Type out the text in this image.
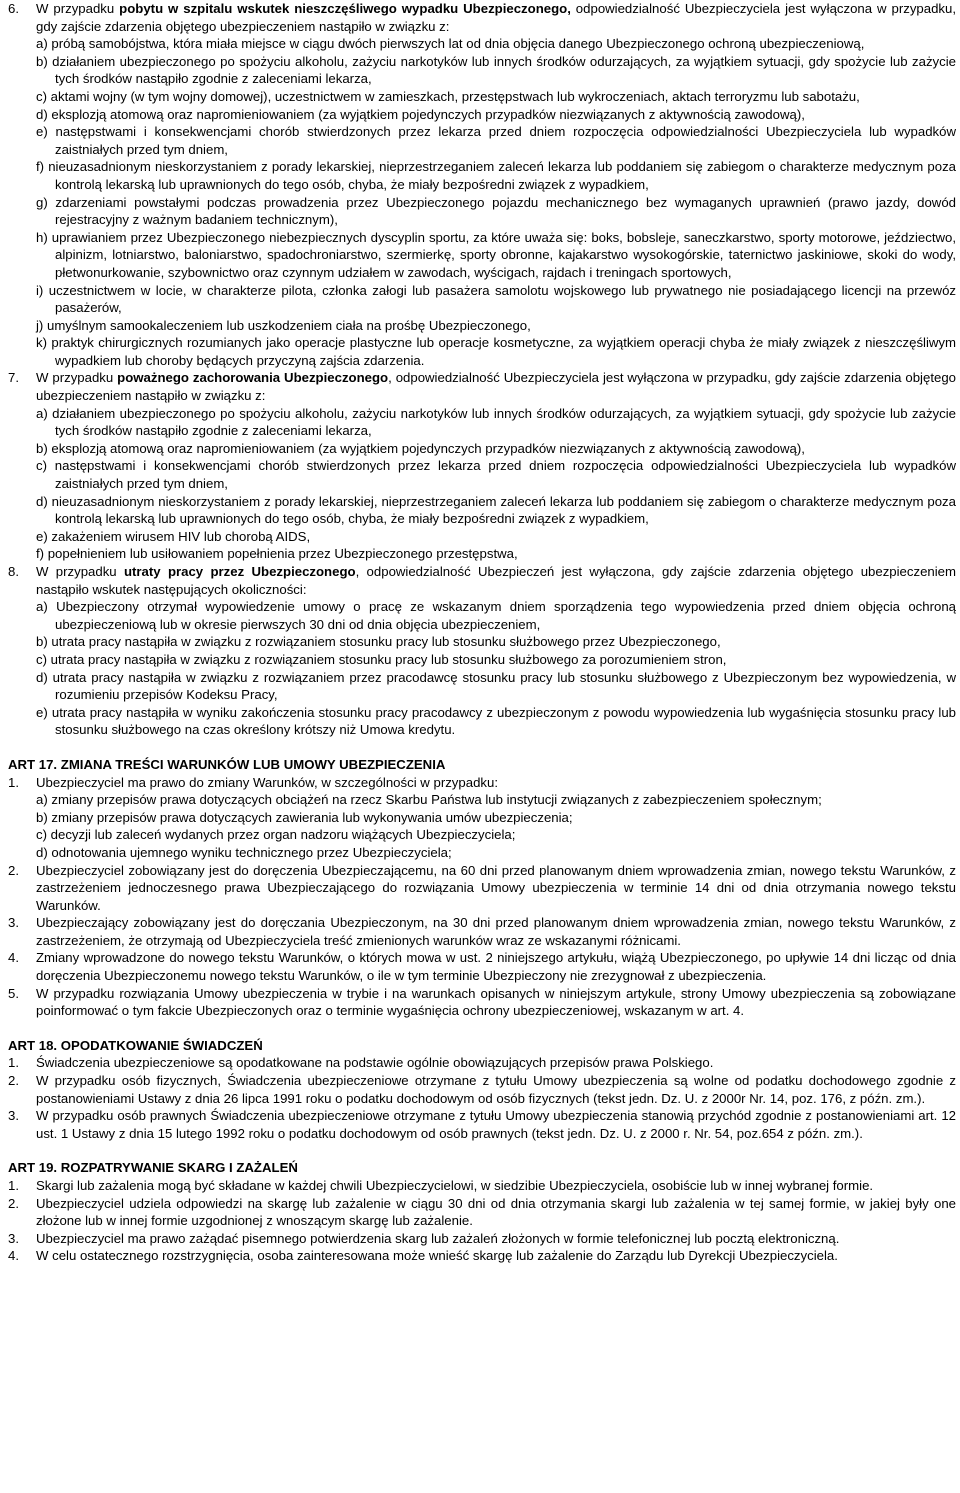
6. W przypadku pobytu w szpitalu wskutek nieszczęśliwego wypadku Ubezpieczonego, odpowiedzialność Ubezpieczyciela jest wyłączona w przypadku, gdy zajście zdarzenia objętego ubezpieczeniem nastąpiło w związku z:
a) próbą samobójstwa, która miała miejsce w ciągu dwóch pierwszych lat od dnia objęcia danego Ubezpieczonego ochroną ubezpieczeniową,
b) działaniem ubezpieczonego po spożyciu alkoholu, zażyciu narkotyków lub innych środków odurzających, za wyjątkiem sytuacji, gdy spożycie lub zażycie tych środków nastąpiło zgodnie z zaleceniami lekarza,
c) aktami wojny (w tym wojny domowej), uczestnictwem w zamieszkach, przestępstwach lub wykroczeniach, aktach terroryzmu lub sabotażu,
d) eksplozją atomową oraz napromieniowaniem (za wyjątkiem pojedynczych przypadków niezwiązanych z aktywnością zawodową),
e) następstwami i konsekwencjami chorób stwierdzonych przez lekarza przed dniem rozpoczęcia odpowiedzialności Ubezpieczyciela lub wypadków zaistniałych przed tym dniem,
f) nieuzasadnionym nieskorzystaniem z porady lekarskiej, nieprzestrzeganiem zaleceń lekarza lub poddaniem się zabiegom o charakterze medycznym poza kontrolą lekarską lub uprawnionych do tego osób, chyba, że miały bezpośredni związek z wypadkiem,
g) zdarzeniami powstałymi podczas prowadzenia przez Ubezpieczonego pojazdu mechanicznego bez wymaganych uprawnień (prawo jazdy, dowód rejestracyjny z ważnym badaniem technicznym),
h) uprawianiem przez Ubezpieczonego niebezpiecznych dyscyplin sportu, za które uważa się: boks, bobsleje, saneczkarstwo, sporty motorowe, jeździectwo, alpinizm, lotniarstwo, baloniarstwo, spadochroniarstwo, szermierkę, sporty obronne, kajakarstwo wysokogórskie, taternictwo jaskiniowe, skoki do wody, płetwonurkowanie, szybownictwo oraz czynnym udziałem w zawodach, wyścigach, rajdach i treningach sportowych,
i) uczestnictwem w locie, w charakterze pilota, członka załogi lub pasażera samolotu wojskowego lub prywatnego nie posiadającego licencji na przewóz pasażerów,
j) umyślnym samookaleczeniem lub uszkodzeniem ciała na prośbę Ubezpieczonego,
k) praktyk chirurgicznych rozumianych jako operacje plastyczne lub operacje kosmetyczne, za wyjątkiem operacji chyba że miały związek z nieszczęśliwym wypadkiem lub choroby będących przyczyną zajścia zdarzenia.
7. W przypadku poważnego zachorowania Ubezpieczonego, odpowiedzialność Ubezpieczyciela jest wyłączona w przypadku, gdy zajście zdarzenia objętego ubezpieczeniem nastąpiło w związku z:
a) działaniem ubezpieczonego po spożyciu alkoholu, zażyciu narkotyków lub innych środków odurzających, za wyjątkiem sytuacji, gdy spożycie lub zażycie tych środków nastąpiło zgodnie z zaleceniami lekarza,
b) eksplozją atomową oraz napromieniowaniem (za wyjątkiem pojedynczych przypadków niezwiązanych z aktywnością zawodową),
c) następstwami i konsekwencjami chorób stwierdzonych przez lekarza przed dniem rozpoczęcia odpowiedzialności Ubezpieczyciela lub wypadków zaistniałych przed tym dniem,
d) nieuzasadnionym nieskorzystaniem z porady lekarskiej, nieprzestrzeganiem zaleceń lekarza lub poddaniem się zabiegom o charakterze medycznym poza kontrolą lekarską lub uprawnionych do tego osób, chyba, że miały bezpośredni związek z wypadkiem,
e) zakażeniem wirusem HIV lub chorobą AIDS,
f) popełnieniem lub usiłowaniem popełnienia przez Ubezpieczonego przestępstwa,
8. W przypadku utraty pracy przez Ubezpieczonego, odpowiedzialność Ubezpieczeń jest wyłączona, gdy zajście zdarzenia objętego ubezpieczeniem nastąpiło wskutek następujących okoliczności:
a) Ubezpieczony otrzymał wypowiedzenie umowy o pracę ze wskazanym dniem sporządzenia tego wypowiedzenia przed dniem objęcia ochroną ubezpieczeniową lub w okresie pierwszych 30 dni od dnia objęcia ubezpieczeniem,
b) utrata pracy nastąpiła w związku z rozwiązaniem stosunku pracy lub stosunku służbowego przez Ubezpieczonego,
c) utrata pracy nastąpiła w związku z rozwiązaniem stosunku pracy lub stosunku służbowego za porozumieniem stron,
d) utrata pracy nastąpiła w związku z rozwiązaniem przez pracodawcę stosunku pracy lub stosunku służbowego z Ubezpieczonym bez wypowiedzenia, w rozumieniu przepisów Kodeksu Pracy,
e) utrata pracy nastąpiła w wyniku zakończenia stosunku pracy pracodawcy z ubezpieczonym z powodu wypowiedzenia lub wygaśnięcia stosunku pracy lub stosunku służbowego na czas określony krótszy niż Umowa kredytu.
ART 17. ZMIANA TREŚCI WARUNKÓW LUB UMOWY UBEZPIECZENIA
1. Ubezpieczyciel ma prawo do zmiany Warunków, w szczególności w przypadku:
a) zmiany przepisów prawa dotyczących obciążeń na rzecz Skarbu Państwa lub instytucji związanych z zabezpieczeniem społecznym;
b) zmiany przepisów prawa dotyczących zawierania lub wykonywania umów ubezpieczenia;
c) decyzji lub zaleceń wydanych przez organ nadzoru wiążących Ubezpieczyciela;
d) odnotowania ujemnego wyniku technicznego przez Ubezpieczyciela;
2. Ubezpieczyciel zobowiązany jest do doręczenia Ubezpieczającemu, na 60 dni przed planowanym dniem wprowadzenia zmian, nowego tekstu Warunków, z zastrzeżeniem jednoczesnego prawa Ubezpieczającego do rozwiązania Umowy ubezpieczenia w terminie 14 dni od dnia otrzymania nowego tekstu Warunków.
3. Ubezpieczający zobowiązany jest do doręczania Ubezpieczonym, na 30 dni przed planowanym dniem wprowadzenia zmian, nowego tekstu Warunków, z zastrzeżeniem, że otrzymają od Ubezpieczyciela treść zmienionych warunków wraz ze wskazanymi różnicami.
4. Zmiany wprowadzone do nowego tekstu Warunków, o których mowa w ust. 2 niniejszego artykułu, wiążą Ubezpieczonego, po upływie 14 dni licząc od dnia doręczenia Ubezpieczonemu nowego tekstu Warunków, o ile w tym terminie Ubezpieczony nie zrezygnował z ubezpieczenia.
5. W przypadku rozwiązania Umowy ubezpieczenia w trybie i na warunkach opisanych w niniejszym artykule, strony Umowy ubezpieczenia są zobowiązane poinformować o tym fakcie Ubezpieczonych oraz o terminie wygaśnięcia ochrony ubezpieczeniowej, wskazanym w art. 4.
ART 18. OPODATKOWANIE ŚWIADCZEŃ
1. Świadczenia ubezpieczeniowe są opodatkowane na podstawie ogólnie obowiązujących przepisów prawa Polskiego.
2. W przypadku osób fizycznych, Świadczenia ubezpieczeniowe otrzymane z tytułu Umowy ubezpieczenia są wolne od podatku dochodowego zgodnie z postanowieniami Ustawy z dnia 26 lipca 1991 roku o podatku dochodowym od osób fizycznych (tekst jedn. Dz. U. z 2000r Nr. 14, poz. 176, z późn. zm.).
3. W przypadku osób prawnych Świadczenia ubezpieczeniowe otrzymane z tytułu Umowy ubezpieczenia stanowią przychód zgodnie z postanowieniami art. 12 ust. 1 Ustawy z dnia 15 lutego 1992 roku o podatku dochodowym od osób prawnych (tekst jedn. Dz. U. z 2000 r. Nr. 54, poz.654 z późn. zm.).
ART 19. ROZPATRYWANIE SKARG I ZAŻALEŃ
1. Skargi lub zażalenia mogą być składane w każdej chwili Ubezpieczycielowi, w siedzibie Ubezpieczyciela, osobiście lub w innej wybranej formie.
2. Ubezpieczyciel udziela odpowiedzi na skargę lub zażalenie w ciągu 30 dni od dnia otrzymania skargi lub zażalenia w tej samej formie, w jakiej były one złożone lub w innej formie uzgodnionej z wnoszącym skargę lub zażalenie.
3. Ubezpieczyciel ma prawo zażądać pisemnego potwierdzenia skarg lub zażaleń złożonych w formie telefonicznej lub pocztą elektroniczną.
4. W celu ostatecznego rozstrzygnięcia, osoba zainteresowana może wnieść skargę lub zażalenie do Zarządu lub Dyrekcji Ubezpieczyciela.
